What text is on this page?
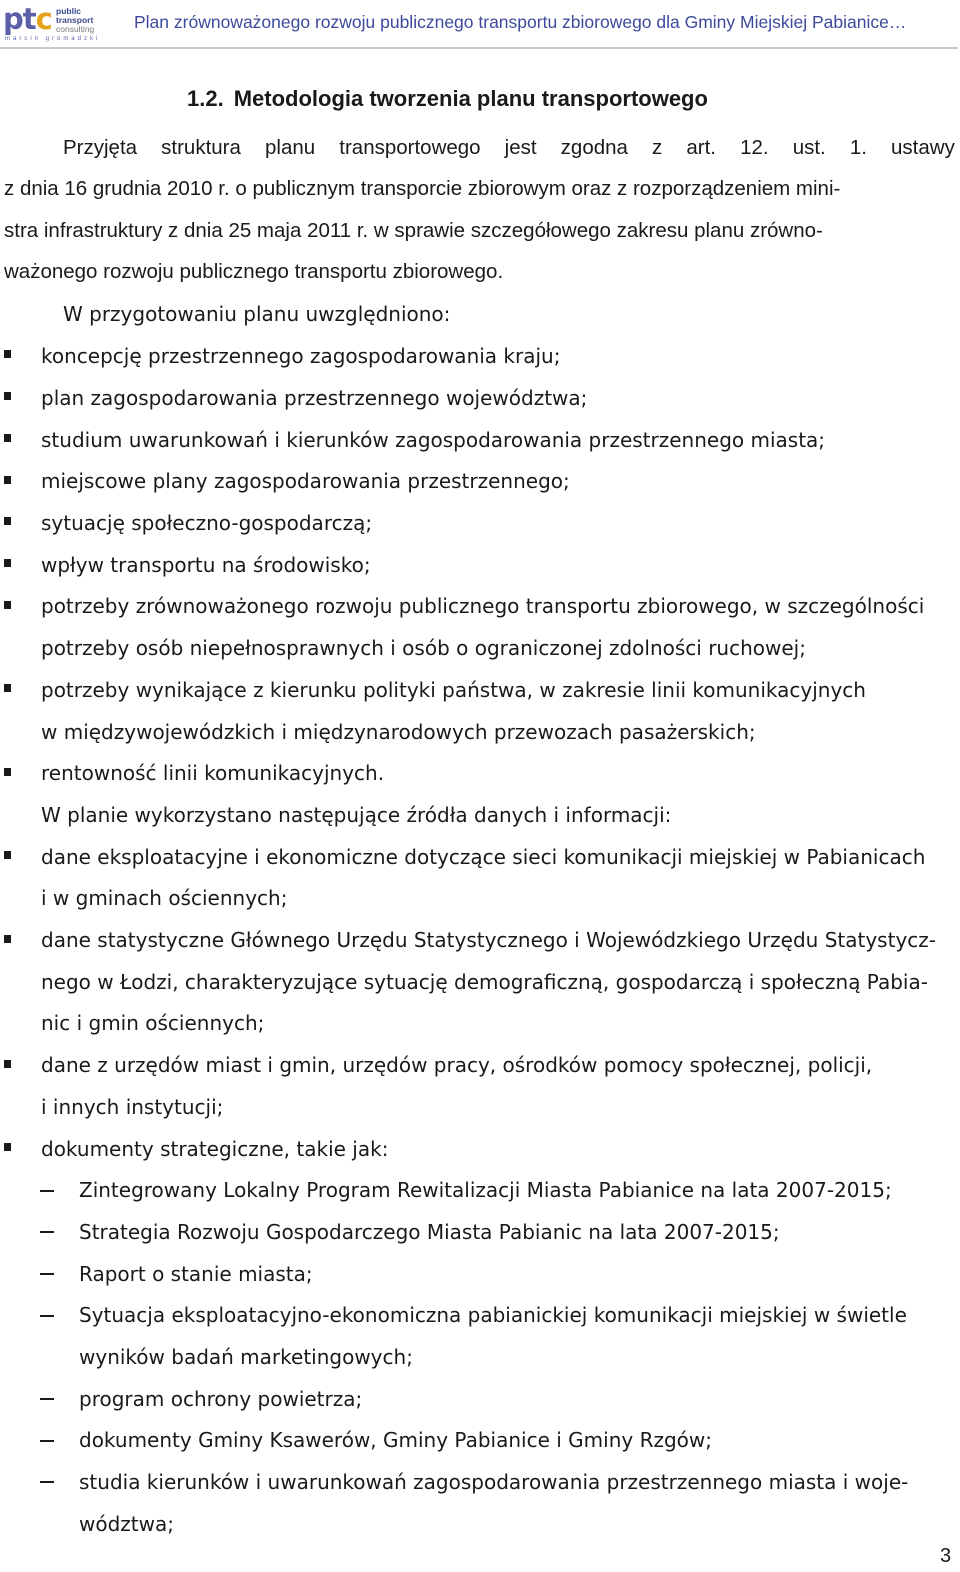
ptc public
transport
consulting
marcin gromadzki
Plan zrównoważonego rozwoju publicznego transportu zbiorowego dla Gminy Miejskiej Pabianice…
1.2. Metodologia tworzenia planu transportowego
Przyjęta struktura planu transportowego jest zgodna z art. 12. ust. 1. ustawy
z dnia 16 grudnia 2010 r. o publicznym transporcie zbiorowym oraz z rozporządzeniem mini-
stra infrastruktury z dnia 25 maja 2011 r. w sprawie szczegółowego zakresu planu zrówno-
ważonego rozwoju publicznego transportu zbiorowego.
W przygotowaniu planu uwzględniono:
koncepcję przestrzennego zagospodarowania kraju;
plan zagospodarowania przestrzennego województwa;
studium uwarunkowań i kierunków zagospodarowania przestrzennego miasta;
miejscowe plany zagospodarowania przestrzennego;
sytuację społeczno-gospodarczą;
wpływ transportu na środowisko;
potrzeby zrównoważonego rozwoju publicznego transportu zbiorowego, w szczególności
potrzeby osób niepełnosprawnych i osób o ograniczonej zdolności ruchowej;
potrzeby wynikające z kierunku polityki państwa, w zakresie linii komunikacyjnych
w międzywojewódzkich i międzynarodowych przewozach pasażerskich;
rentowność linii komunikacyjnych.
W planie wykorzystano następujące źródła danych i informacji:
dane eksploatacyjne i ekonomiczne dotyczące sieci komunikacji miejskiej w Pabianicach
i w gminach ościennych;
dane statystyczne Głównego Urzędu Statystycznego i Wojewódzkiego Urzędu Statystycz-
nego w Łodzi, charakteryzujące sytuację demograficzną, gospodarczą i społeczną Pabia-
nic i gmin ościennych;
dane z urzędów miast i gmin, urzędów pracy, ośrodków pomocy społecznej, policji,
i innych instytucji;
dokumenty strategiczne, takie jak:
Zintegrowany Lokalny Program Rewitalizacji Miasta Pabianice na lata 2007-2015;
Strategia Rozwoju Gospodarczego Miasta Pabianic na lata 2007-2015;
Raport o stanie miasta;
Sytuacja eksploatacyjno-ekonomiczna pabianickiej komunikacji miejskiej w świetle
wyników badań marketingowych;
program ochrony powietrza;
dokumenty Gminy Ksawerów, Gminy Pabianice i Gminy Rzgów;
studia kierunków i uwarunkowań zagospodarowania przestrzennego miasta i woje-
wództwa;
3
